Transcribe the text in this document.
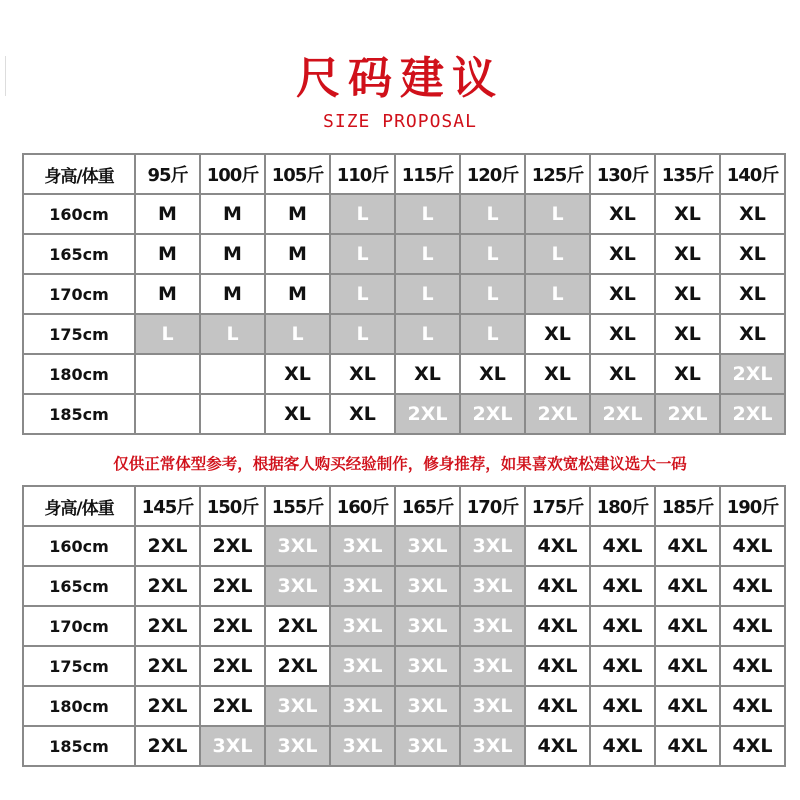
尺码建议
SIZE PROPOSAL
身高/体重	95斤	100斤	105斤	110斤	115斤	120斤	125斤	130斤	135斤	140斤
160cm	M	M	M	L	L	L	L	XL	XL	XL
165cm	M	M	M	L	L	L	L	XL	XL	XL
170cm	M	M	M	L	L	L	L	XL	XL	XL
175cm	L	L	L	L	L	L	XL	XL	XL	XL
180cm			XL	XL	XL	XL	XL	XL	XL	2XL
185cm			XL	XL	2XL	2XL	2XL	2XL	2XL	2XL
仅供正常体型参考，根据客人购买经验制作，修身推荐，如果喜欢宽松建议选大一码
身高/体重	145斤	150斤	155斤	160斤	165斤	170斤	175斤	180斤	185斤	190斤
160cm	2XL	2XL	3XL	3XL	3XL	3XL	4XL	4XL	4XL	4XL
165cm	2XL	2XL	3XL	3XL	3XL	3XL	4XL	4XL	4XL	4XL
170cm	2XL	2XL	2XL	3XL	3XL	3XL	4XL	4XL	4XL	4XL
175cm	2XL	2XL	2XL	3XL	3XL	3XL	4XL	4XL	4XL	4XL
180cm	2XL	2XL	3XL	3XL	3XL	3XL	4XL	4XL	4XL	4XL
185cm	2XL	3XL	3XL	3XL	3XL	3XL	4XL	4XL	4XL	4XL
